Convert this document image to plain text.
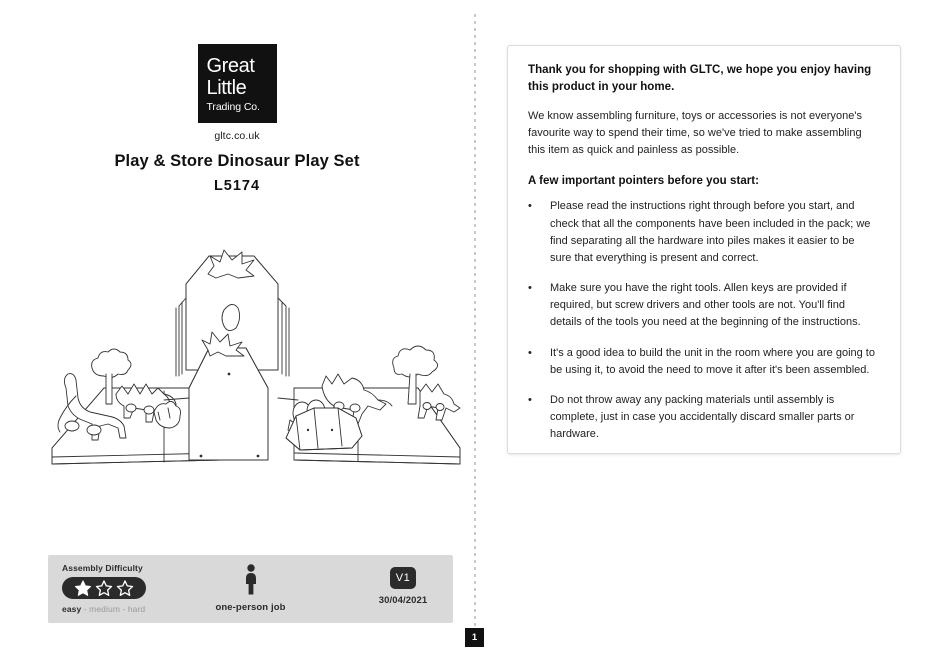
Great
Little
Trading Co.
gltc.co.uk
Play & Store Dinosaur Play Set
L5174
Assembly Difficulty
easy - medium - hard	one-person job
V1
30/04/2021
1

Thank you for shopping with GLTC, we hope you enjoy having this product in your home.

We know assembling furniture, toys or accessories is not everyone's favourite way to spend their time, so we've tried to make assembling this item as quick and painless as possible.

A few important pointers before you start:

•	Please read the instructions right through before you start, and check that all the components have been included in the pack; we find separating all the hardware into piles makes it easier to be sure that everything is present and correct.
•	Make sure you have the right tools. Allen keys are provided if required, but screw drivers and other tools are not. You'll find details of the tools you need at the beginning of the instructions.
•	It's a good idea to build the unit in the room where you are going to be using it, to avoid the need to move it after it's been assembled.
•	Do not throw away any packing materials until assembly is complete, just in case you accidentally discard smaller parts or hardware.
